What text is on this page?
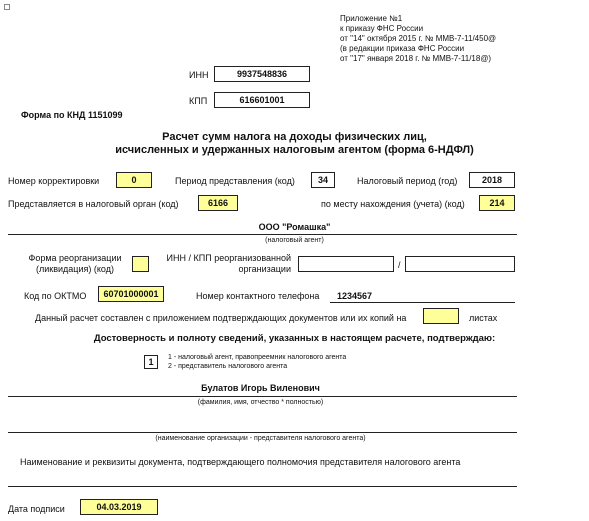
Приложение №1
к приказу ФНС России
от "14" октября 2015 г. № ММВ-7-11/450@
(в редакции приказа ФНС России
от "17" января 2018 г. № ММВ-7-11/18@)
ИНН	9937548836
КПП	616601001
Форма по КНД 1151099
Расчет сумм налога на доходы физических лиц,
исчисленных и удержанных налоговым агентом (форма 6-НДФЛ)
Номер корректировки	0	Период представления (код)	34	Налоговый период (год)	2018
Представляется в налоговый орган (код)	6166	по месту нахождения (учета) (код)	214
ООО "Ромашка"
(налоговый агент)
Форма реорганизации
(ликвидация) (код)
ИНН / КПП реорганизованной
организации	/
Код по ОКТМО	60701000001	Номер контактного телефона 1234567
Данный расчет составлен с приложением подтверждающих документов или их копий на	листах
Достоверность и полноту сведений, указанных в настоящем расчете, подтверждаю:
1	1 - налоговый агент, правопреемник налогового агента
2 - представитель налогового агента
Булатов Игорь Виленович
(фамилия, имя, отчество * полностью)
(наименование организации - представителя налогового агента)
Наименование и реквизиты документа, подтверждающего полномочия представителя налогового агента
Дата подписи	04.03.2019
